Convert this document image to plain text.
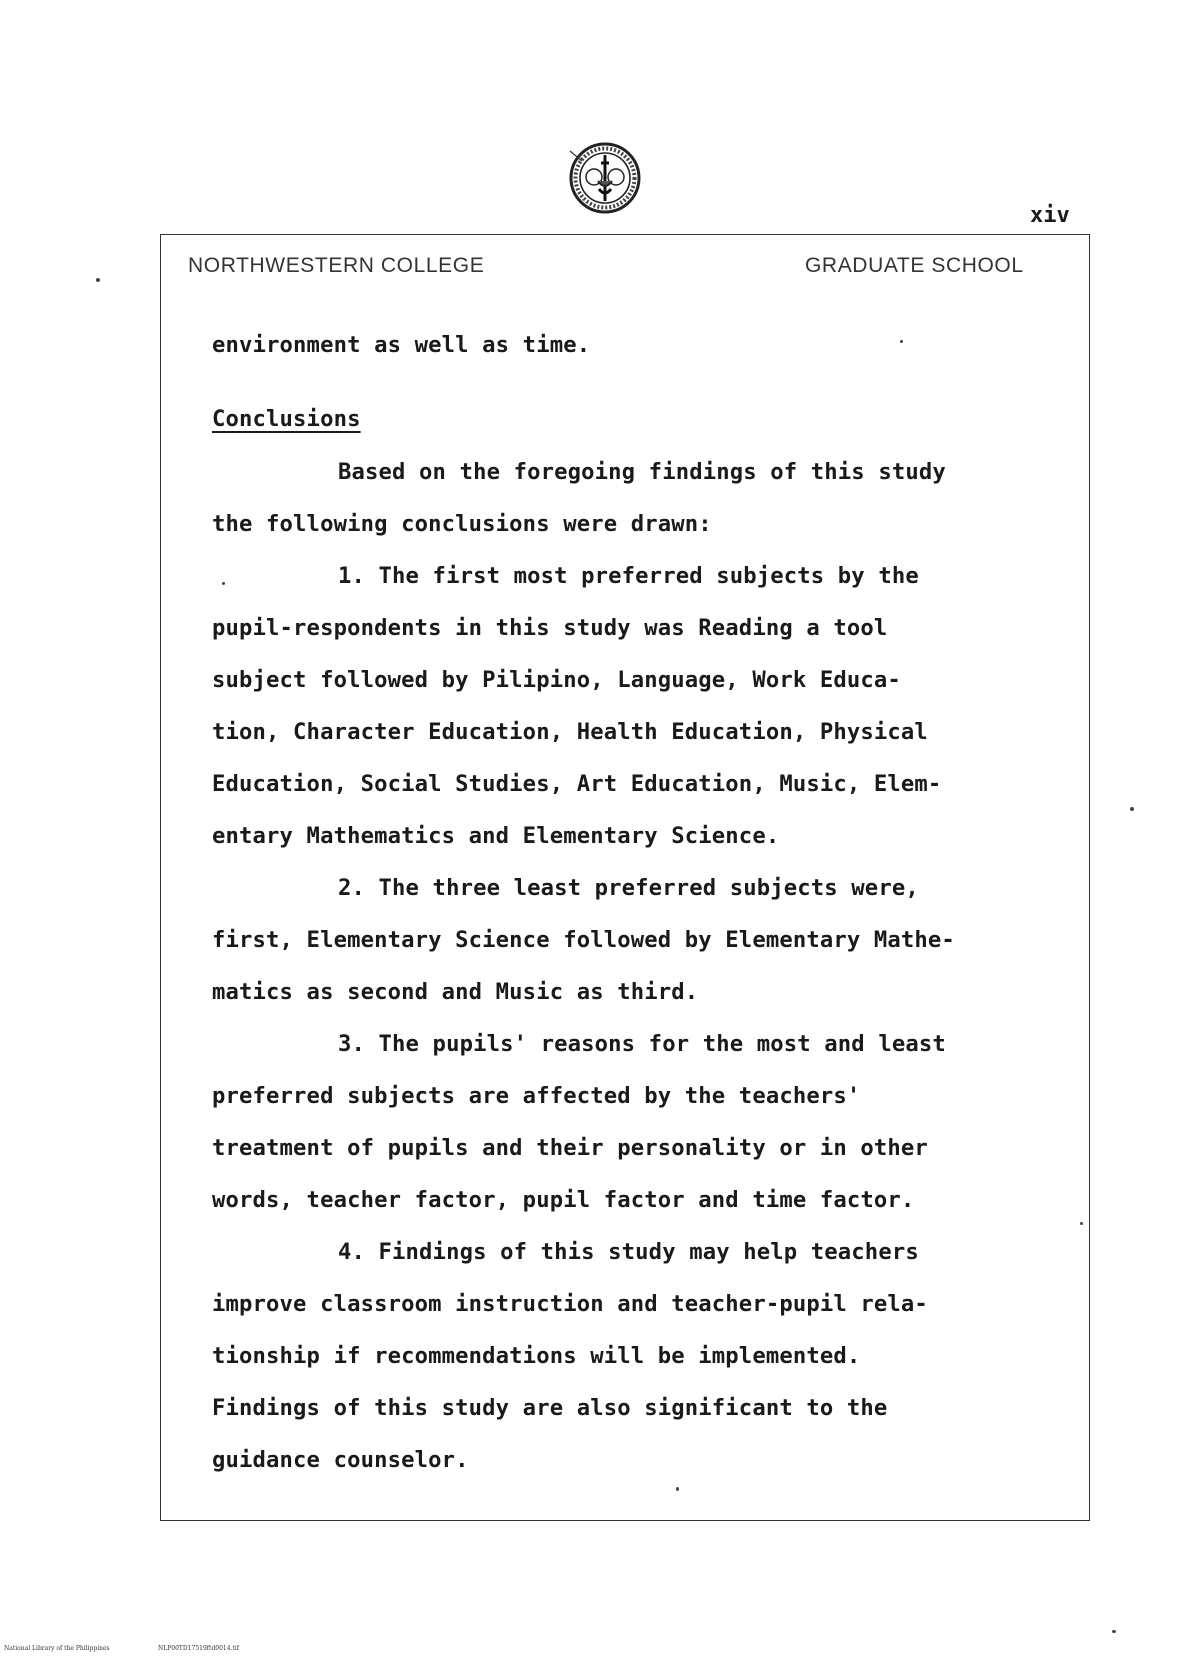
xiv
NORTHWESTERN COLLEGE	GRADUATE SCHOOL
environment as well as time.
Conclusions
Based on the foregoing findings of this study
the following conclusions were drawn:
1. The first most preferred subjects by the
pupil-respondents in this study was Reading a tool
subject followed by Pilipino, Language, Work Educa-
tion, Character Education, Health Education, Physical
Education, Social Studies, Art Education, Music, Elem-
entary Mathematics and Elementary Science.
2. The three least preferred subjects were,
first, Elementary Science followed by Elementary Mathe-
matics as second and Music as third.
3. The pupils' reasons for the most and least
preferred subjects are affected by the teachers'
treatment of pupils and their personality or in other
words, teacher factor, pupil factor and time factor.
4. Findings of this study may help teachers
improve classroom instruction and teacher-pupil rela-
tionship if recommendations will be implemented.
Findings of this study are also significant to the
guidance counselor.
National Library of the Philippines	NLP00TD17519ftd0014.tif
